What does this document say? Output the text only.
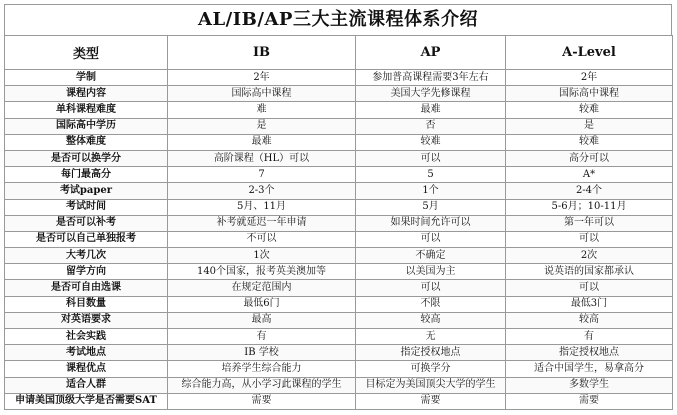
AL/IB/AP三大主流课程体系介绍
类型	IB	AP	A-Level
学制	2年	参加普高课程需要3年左右	2年
课程内容	国际高中课程	美国大学先修课程	国际高中课程
单科课程难度	难	最难	较难
国际高中学历	是	否	是
整体难度	最难	较难	较难
是否可以换学分	高阶课程（HL）可以	可以	高分可以
每门最高分	7	5	A*
考试paper	2-3个	1个	2-4个
考试时间	5月、11月	5月	5-6月；10-11月
是否可以补考	补考就延迟一年申请	如果时间允许可以	第一年可以
是否可以自己单独报考	不可以	可以	可以
大考几次	1次	不确定	2次
留学方向	140个国家，报考英美澳加等	以美国为主	说英语的国家都承认
是否可自由选课	在规定范围内	可以	可以
科目数量	最低6门	不限	最低3门
对英语要求	最高	较高	较高
社会实践	有	无	有
考试地点	IB 学校	指定授权地点	指定授权地点
课程优点	培养学生综合能力	可换学分	适合中国学生，易拿高分
适合人群	综合能力高，从小学习此课程的学生	目标定为美国顶尖大学的学生	多数学生
申请美国顶级大学是否需要SAT	需要	需要	需要
